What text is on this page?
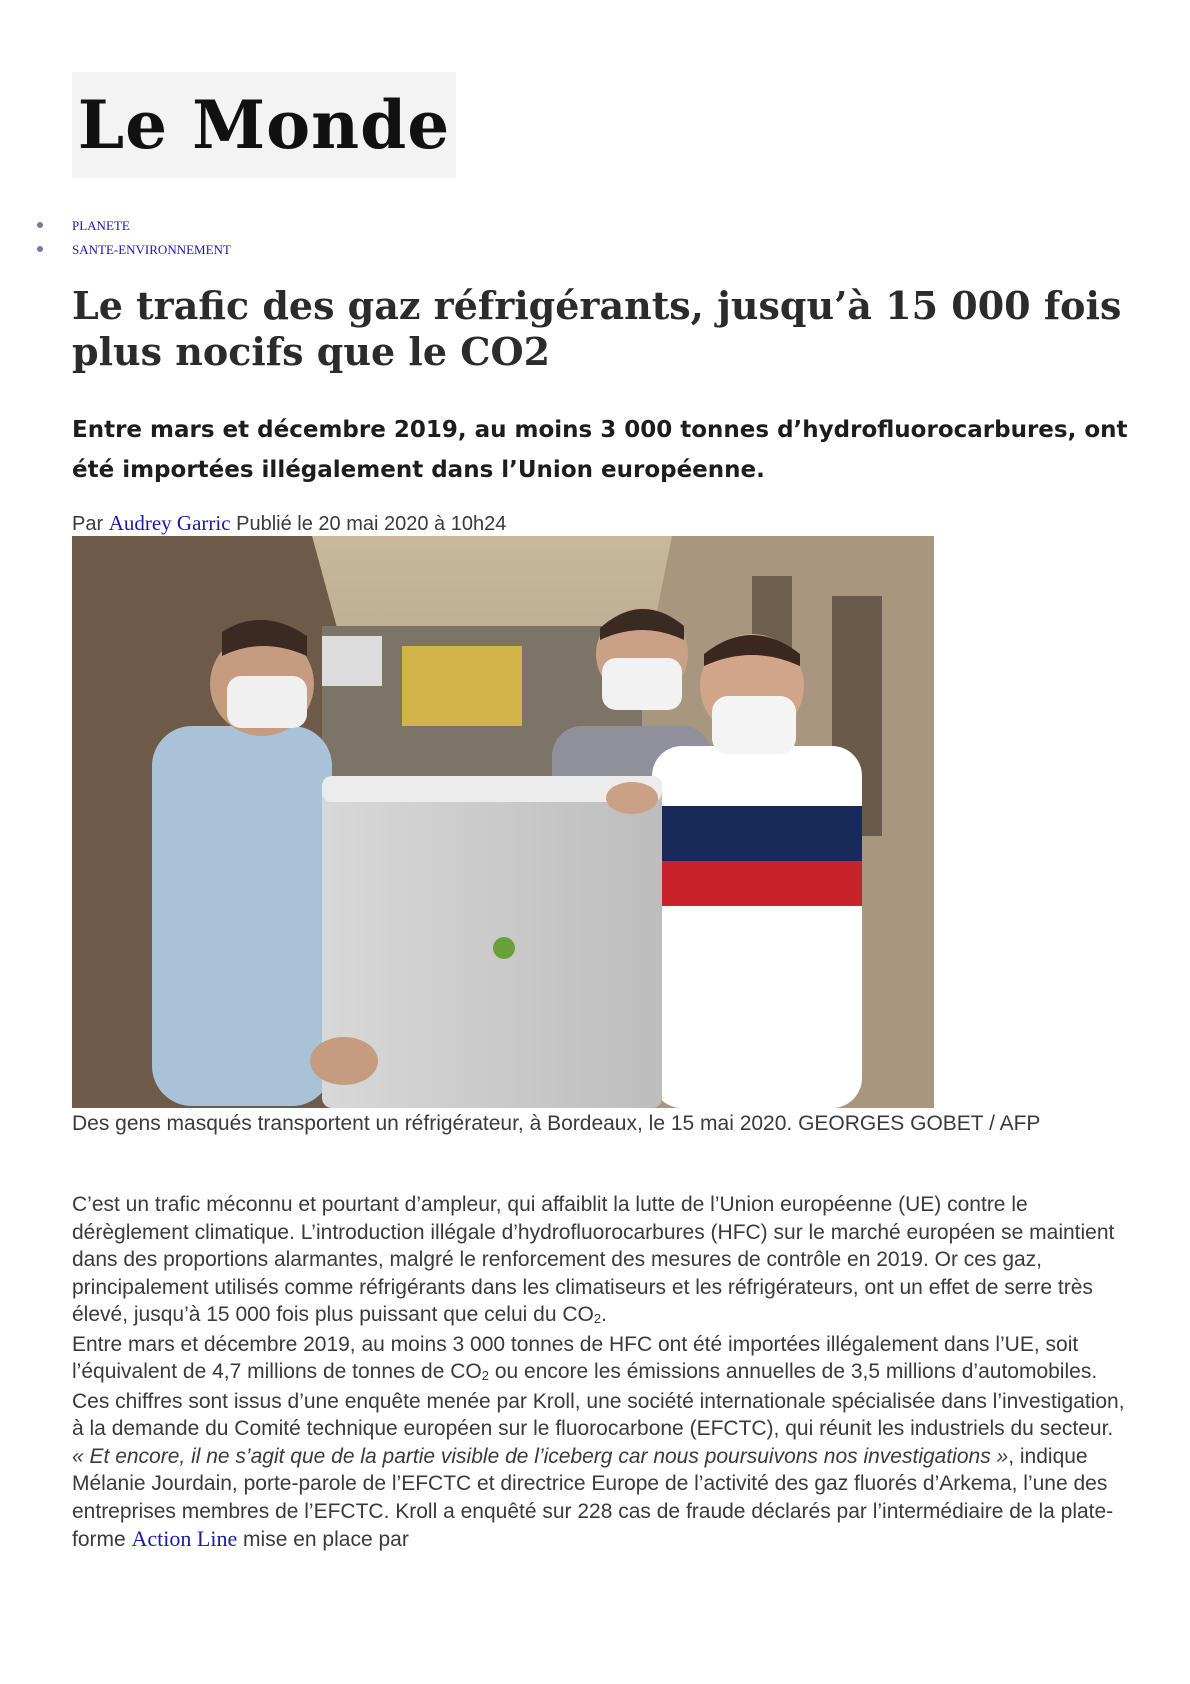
Le Monde
PLANETE
SANTE-ENVIRONNEMENT
Le trafic des gaz réfrigérants, jusqu’à 15 000 fois plus nocifs que le CO2
Entre mars et décembre 2019, au moins 3 000 tonnes d’hydrofluorocarbures, ont été importées illégalement dans l’Union européenne.
Par Audrey Garric Publié le 20 mai 2020 à 10h24

Des gens masqués transportent un réfrigérateur, à Bordeaux, le 15 mai 2020. GEORGES GOBET / AFP

C’est un trafic méconnu et pourtant d’ampleur, qui affaiblit la lutte de l’Union européenne (UE) contre le dérèglement climatique. L’introduction illégale d’hydrofluorocarbures (HFC) sur le marché européen se maintient dans des proportions alarmantes, malgré le renforcement des mesures de contrôle en 2019. Or ces gaz, principalement utilisés comme réfrigérants dans les climatiseurs et les réfrigérateurs, ont un effet de serre très élevé, jusqu’à 15 000 fois plus puissant que celui du $CO_2$.

Entre mars et décembre 2019, au moins 3 000 tonnes de HFC ont été importées illégalement dans l’UE, soit l’équivalent de 4,7 millions de tonnes de $CO_2$ ou encore les émissions annuelles de 3,5 millions d’automobiles. Ces chiffres sont issus d’une enquête menée par Kroll, une société internationale spécialisée dans l’investigation, à la demande du Comité technique européen sur le fluorocarbone (EFCTC), qui réunit les industriels du secteur.

« Et encore, il ne s’agit que de la partie visible de l’iceberg car nous poursuivons nos investigations », indique Mélanie Jourdain, porte-parole de l’EFCTC et directrice Europe de l’activité des gaz fluorés d’Arkema, l’une des entreprises membres de l’EFCTC. Kroll a enquêté sur 228 cas de fraude déclarés par l’intermédiaire de la plate-forme Action Line mise en place par
